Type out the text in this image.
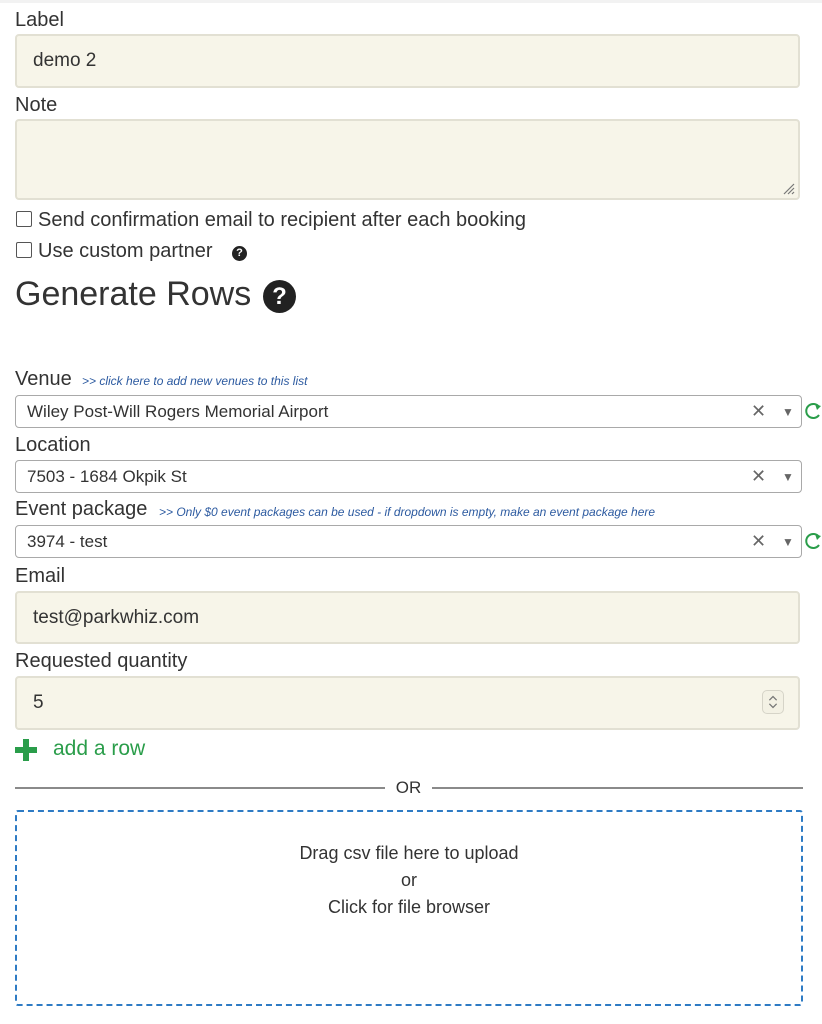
Label
demo 2
Note
Send confirmation email to recipient after each booking
Use custom partner	?
Generate Rows ?
Venue >> click here to add new venues to this list
Wiley Post-Will Rogers Memorial Airport	✕ ▼
Location
7503 - 1684 Okpik St	✕ ▼
Event package >> Only $0 event packages can be used - if dropdown is empty, make an event package here
3974 - test	✕ ▼
Email
test@parkwhiz.com
Requested quantity
5
add a row
OR
Drag csv file here to upload
or
Click for file browser
